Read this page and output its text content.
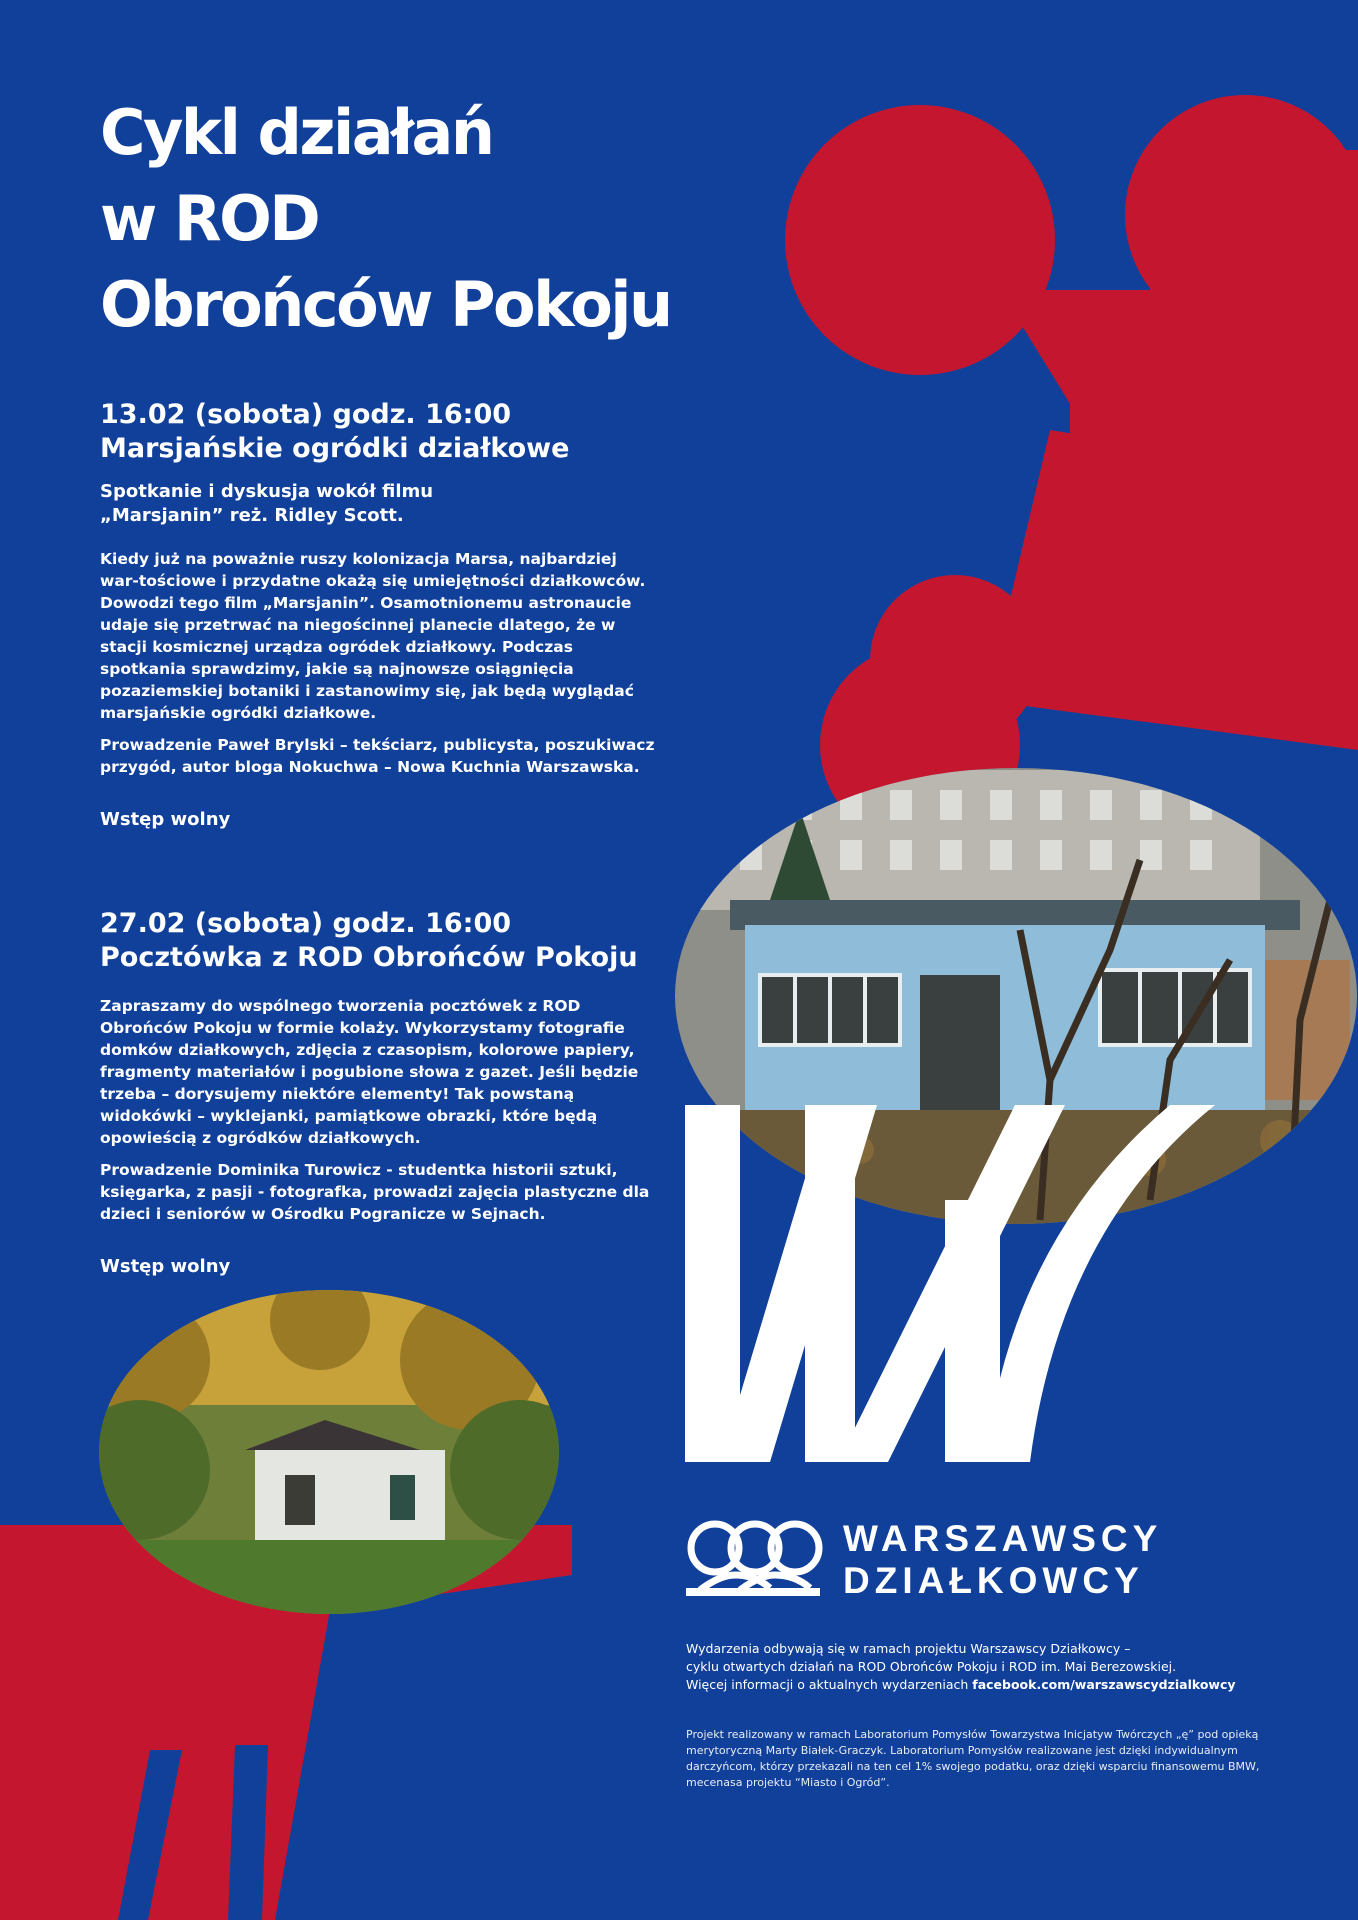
Cykl działań
w ROD
Obrońców Pokoju
13.02 (sobota) godz. 16:00
Marsjańskie ogródki działkowe
Spotkanie i dyskusja wokół filmu
„Marsjanin” reż. Ridley Scott.
Kiedy już na poważnie ruszy kolonizacja Marsa, najbardziej war-tościowe i przydatne okażą się umiejętności działkowców. Dowodzi tego film „Marsjanin”. Osamotnionemu astronaucie udaje się przetrwać na niegościnnej planecie dlatego, że w stacji kosmicznej urządza ogródek działkowy. Podczas spotkania sprawdzimy, jakie są najnowsze osiągnięcia pozaziemskiej botaniki i zastanowimy się, jak będą wyglądać marsjańskie ogródki działkowe.
Prowadzenie Paweł Brylski – tekściarz, publicysta, poszukiwacz przygód, autor bloga Nokuchwa – Nowa Kuchnia Warszawska.
Wstęp wolny
27.02 (sobota) godz. 16:00
Pocztówka z ROD Obrońców Pokoju
Zapraszamy do wspólnego tworzenia pocztówek z ROD Obrońców Pokoju w formie kolaży. Wykorzystamy fotografie domków działkowych, zdjęcia z czasopism, kolorowe papiery, fragmenty materiałów i pogubione słowa z gazet. Jeśli będzie trzeba – dorysujemy niektóre elementy! Tak powstaną widokówki – wyklejanki, pamiątkowe obrazki, które będą opowieścią z ogródków działkowych.
Prowadzenie Dominika Turowicz - studentka historii sztuki, księgarka, z pasji - fotografka, prowadzi zajęcia plastyczne dla dzieci i seniorów w Ośrodku Pogranicze w Sejnach.
Wstęp wolny
WARSZAWSCY
DZIAŁKOWCY
Wydarzenia odbywają się w ramach projektu Warszawscy Działkowcy –
cyklu otwartych działań na ROD Obrońców Pokoju i ROD im. Mai Berezowskiej.
Więcej informacji o aktualnych wydarzeniach facebook.com/warszawscydzialkowcy
Projekt realizowany w ramach Laboratorium Pomysłów Towarzystwa Inicjatyw Twórczych „ę” pod opieką merytoryczną Marty Białek-Graczyk. Laboratorium Pomysłów realizowane jest dzięki indywidualnym darczyńcom, którzy przekazali na ten cel 1% swojego podatku, oraz dzięki wsparciu finansowemu BMW, mecenasa projektu “Miasto i Ogród”.
